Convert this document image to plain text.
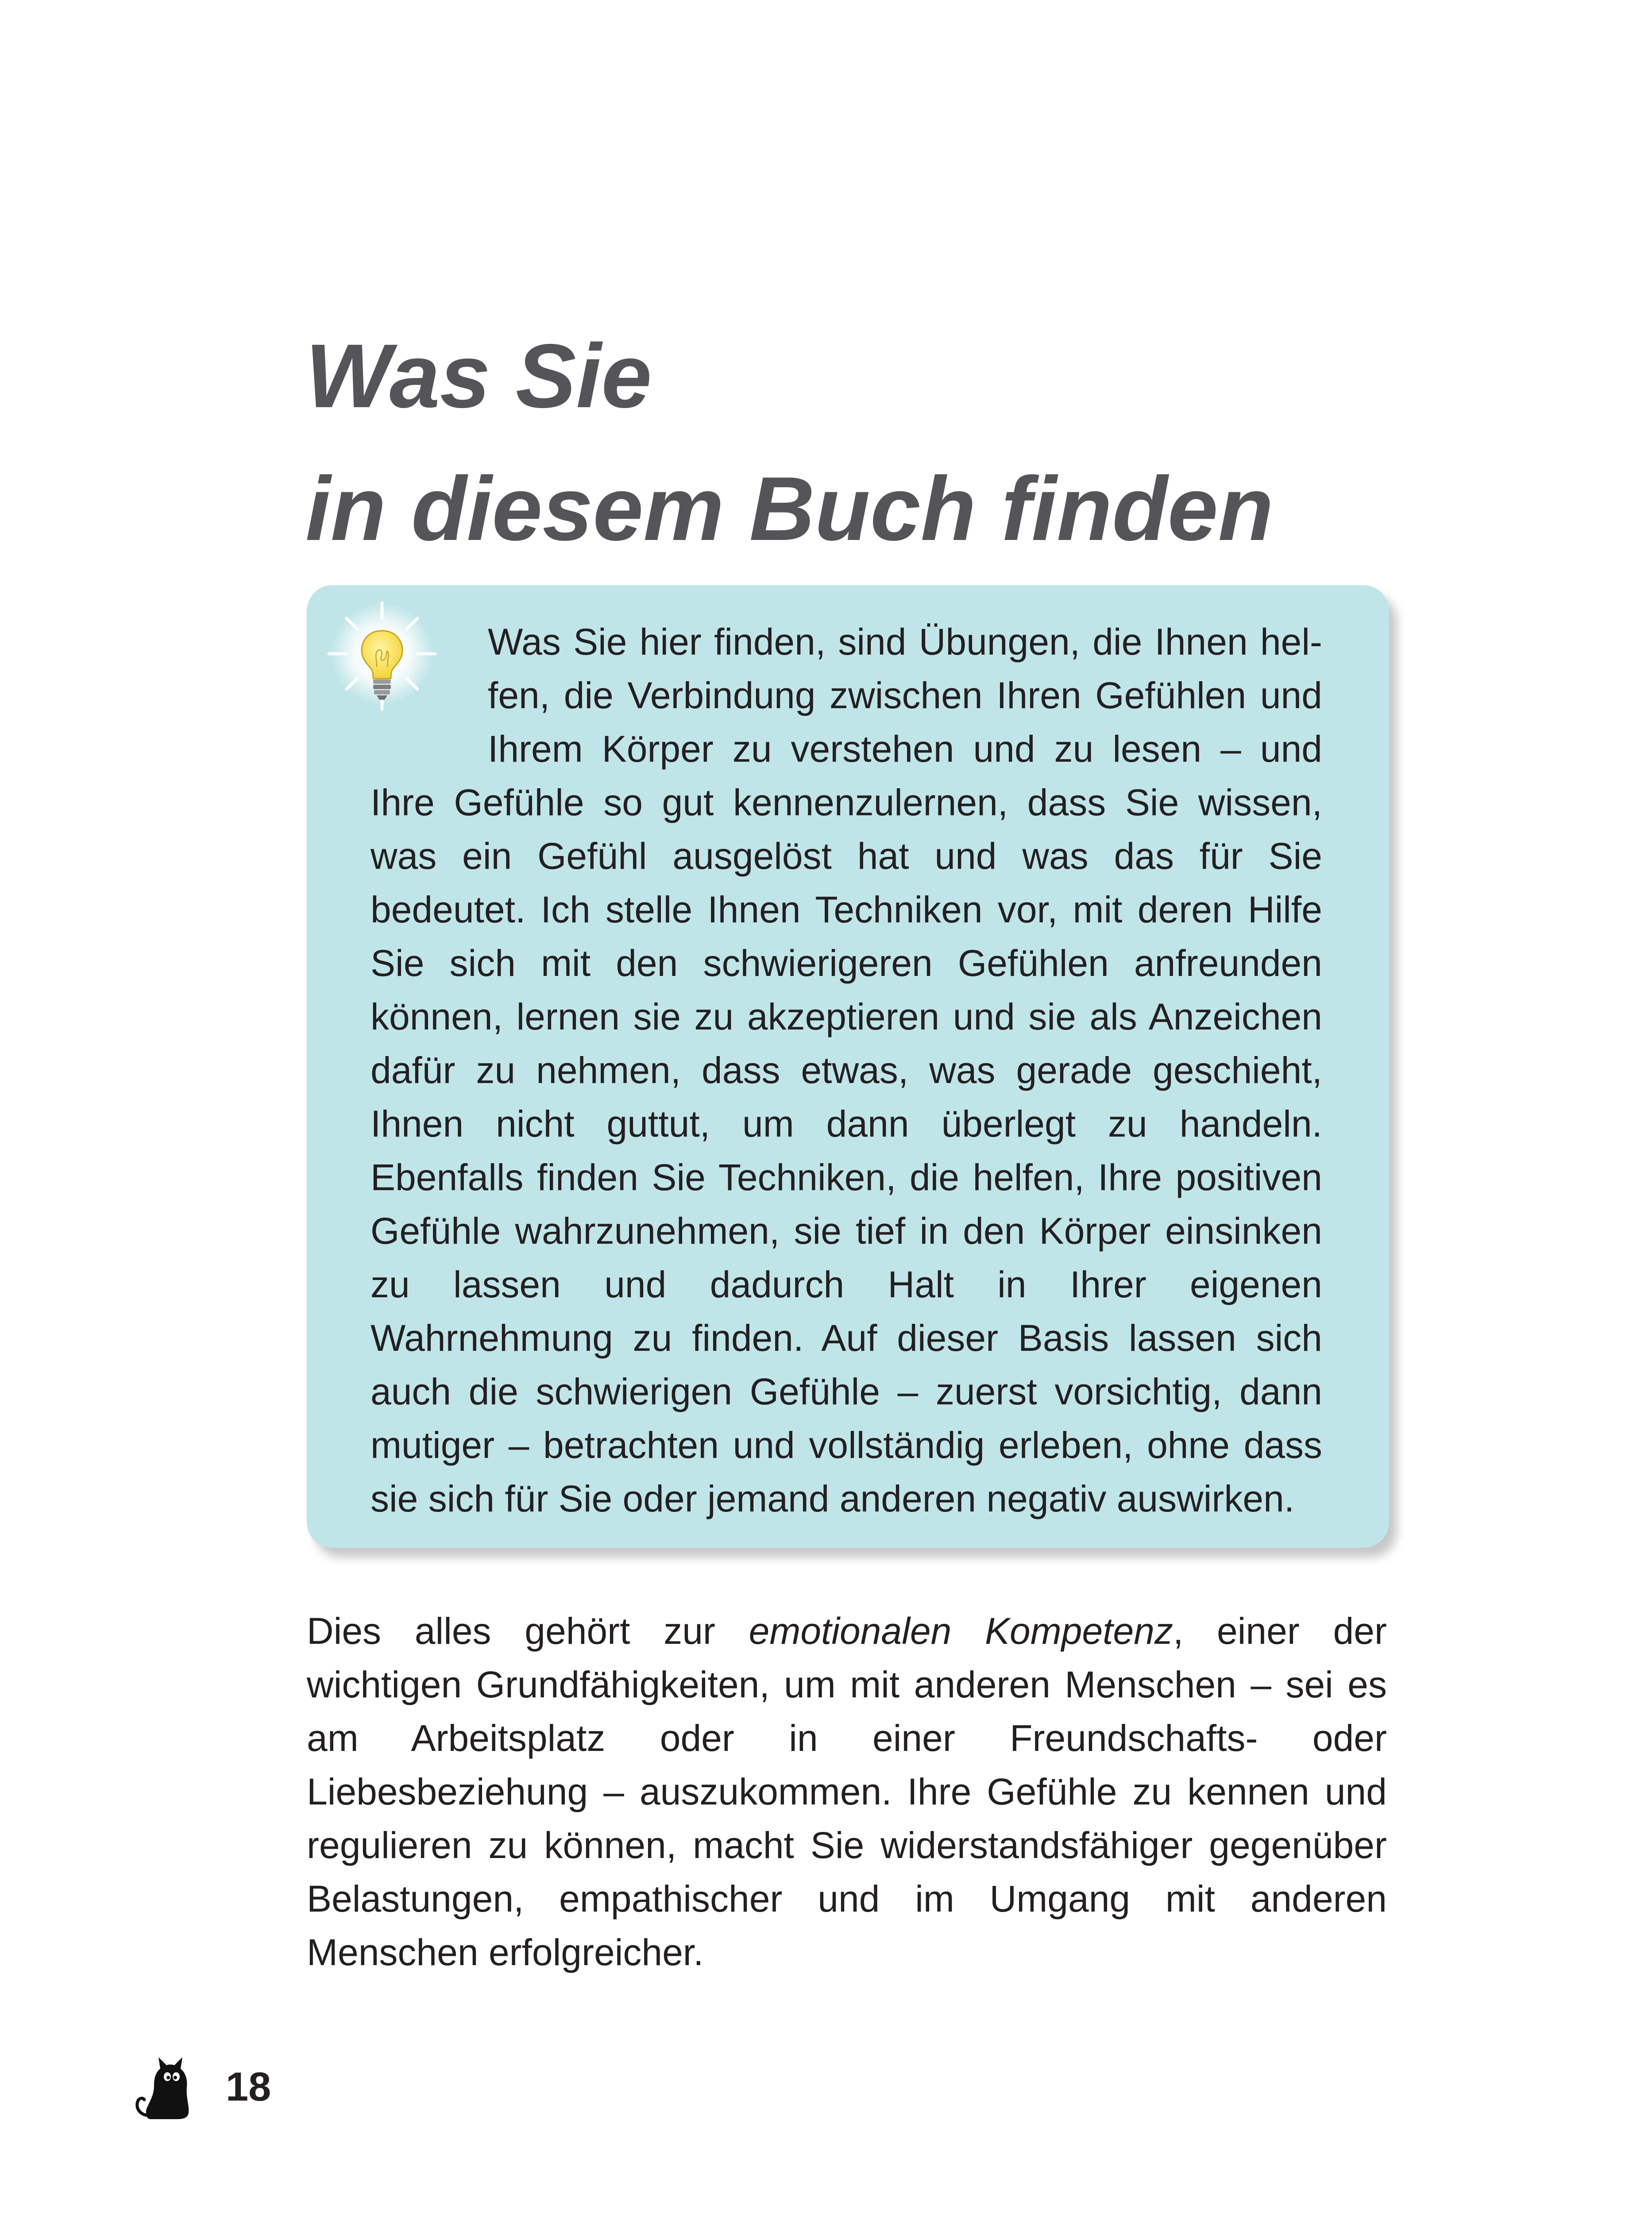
Was Sie
in diesem Buch finden

Was Sie hier finden, sind Übungen, die Ihnen helfen, die Verbindung zwischen Ihren Gefühlen und Ihrem Körper zu verstehen und zu lesen – und Ihre Gefühle so gut kennenzulernen, dass Sie wissen, was ein Gefühl ausgelöst hat und was das für Sie bedeutet. Ich stelle Ihnen Techniken vor, mit deren Hilfe Sie sich mit den schwierigeren Gefühlen anfreunden können, lernen sie zu akzeptieren und sie als Anzeichen dafür zu nehmen, dass etwas, was gerade geschieht, Ihnen nicht guttut, um dann überlegt zu handeln. Ebenfalls finden Sie Techniken, die helfen, Ihre positiven Gefühle wahrzunehmen, sie tief in den Körper einsinken zu lassen und dadurch Halt in Ihrer eigenen Wahrnehmung zu finden. Auf dieser Basis lassen sich auch die schwierigen Gefühle – zuerst vorsichtig, dann mutiger – betrachten und vollständig erleben, ohne dass sie sich für Sie oder jemand anderen negativ auswirken.

Dies alles gehört zur emotionalen Kompetenz, einer der wichtigen Grundfähigkeiten, um mit anderen Menschen – sei es am Arbeitsplatz oder in einer Freundschafts- oder Liebesbeziehung – auszukommen. Ihre Gefühle zu kennen und regulieren zu können, macht Sie widerstandsfähiger gegenüber Belastungen, empathischer und im Umgang mit anderen Menschen erfolgreicher.

18
